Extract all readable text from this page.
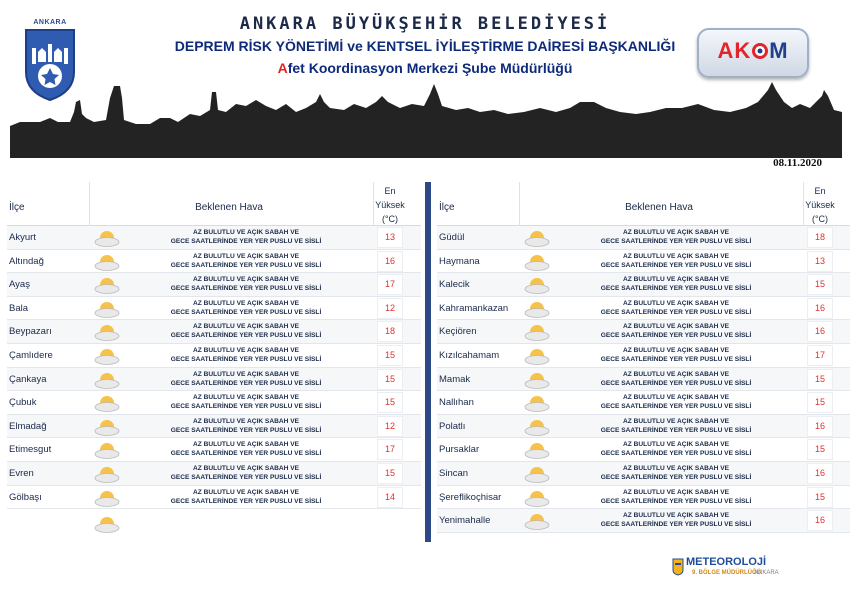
ANKARA	ANKARA BÜYÜKŞEHİR BELEDİYESİ
DEPREM RİSK YÖNETİMİ ve KENTSEL İYİLEŞTİRME DAİRESİ BAŞKANLIĞI
Afet Koordinasyon Merkezi Şube Müdürlüğü
AK M
08.11.2020
İlçe	Beklenen Hava
En
Yüksek
(°C)
Akyurt	AZ BULUTLU VE AÇIK SABAH VE
GECE SAATLERİNDE YER YER PUSLU VE SİSLİ	13
Altındağ	AZ BULUTLU VE AÇIK SABAH VE
GECE SAATLERİNDE YER YER PUSLU VE SİSLİ	16
Ayaş	AZ BULUTLU VE AÇIK SABAH VE
GECE SAATLERİNDE YER YER PUSLU VE SİSLİ	17
Bala	AZ BULUTLU VE AÇIK SABAH VE
GECE SAATLERİNDE YER YER PUSLU VE SİSLİ	12
Beypazarı	AZ BULUTLU VE AÇIK SABAH VE
GECE SAATLERİNDE YER YER PUSLU VE SİSLİ	18
Çamlıdere	AZ BULUTLU VE AÇIK SABAH VE
GECE SAATLERİNDE YER YER PUSLU VE SİSLİ	15
Çankaya	AZ BULUTLU VE AÇIK SABAH VE
GECE SAATLERİNDE YER YER PUSLU VE SİSLİ	15
Çubuk	AZ BULUTLU VE AÇIK SABAH VE
GECE SAATLERİNDE YER YER PUSLU VE SİSLİ	15
Elmadağ	AZ BULUTLU VE AÇIK SABAH VE
GECE SAATLERİNDE YER YER PUSLU VE SİSLİ	12
Etimesgut	AZ BULUTLU VE AÇIK SABAH VE
GECE SAATLERİNDE YER YER PUSLU VE SİSLİ	17
Evren	AZ BULUTLU VE AÇIK SABAH VE
GECE SAATLERİNDE YER YER PUSLU VE SİSLİ	15
Gölbaşı	AZ BULUTLU VE AÇIK SABAH VE
GECE SAATLERİNDE YER YER PUSLU VE SİSLİ	14
İlçe	Beklenen Hava
En
Yüksek
(°C)
Güdül	AZ BULUTLU VE AÇIK SABAH VE
GECE SAATLERİNDE YER YER PUSLU VE SİSLİ	18
Haymana	AZ BULUTLU VE AÇIK SABAH VE
GECE SAATLERİNDE YER YER PUSLU VE SİSLİ	13
Kalecik	AZ BULUTLU VE AÇIK SABAH VE
GECE SAATLERİNDE YER YER PUSLU VE SİSLİ	15
Kahramankazan	AZ BULUTLU VE AÇIK SABAH VE
GECE SAATLERİNDE YER YER PUSLU VE SİSLİ	16
Keçiören	AZ BULUTLU VE AÇIK SABAH VE
GECE SAATLERİNDE YER YER PUSLU VE SİSLİ	16
Kızılcahamam	AZ BULUTLU VE AÇIK SABAH VE
GECE SAATLERİNDE YER YER PUSLU VE SİSLİ	17
Mamak	AZ BULUTLU VE AÇIK SABAH VE
GECE SAATLERİNDE YER YER PUSLU VE SİSLİ	15
Nallıhan	AZ BULUTLU VE AÇIK SABAH VE
GECE SAATLERİNDE YER YER PUSLU VE SİSLİ	15
Polatlı	AZ BULUTLU VE AÇIK SABAH VE
GECE SAATLERİNDE YER YER PUSLU VE SİSLİ	16
Pursaklar	AZ BULUTLU VE AÇIK SABAH VE
GECE SAATLERİNDE YER YER PUSLU VE SİSLİ	15
Sincan	AZ BULUTLU VE AÇIK SABAH VE
GECE SAATLERİNDE YER YER PUSLU VE SİSLİ	16
Şereflikoçhisar	AZ BULUTLU VE AÇIK SABAH VE
GECE SAATLERİNDE YER YER PUSLU VE SİSLİ	15
Yenimahalle	AZ BULUTLU VE AÇIK SABAH VE
GECE SAATLERİNDE YER YER PUSLU VE SİSLİ	16
METEOROLOJİ
9. BÖLGE MÜDÜRLÜĞÜ
ANKARA
